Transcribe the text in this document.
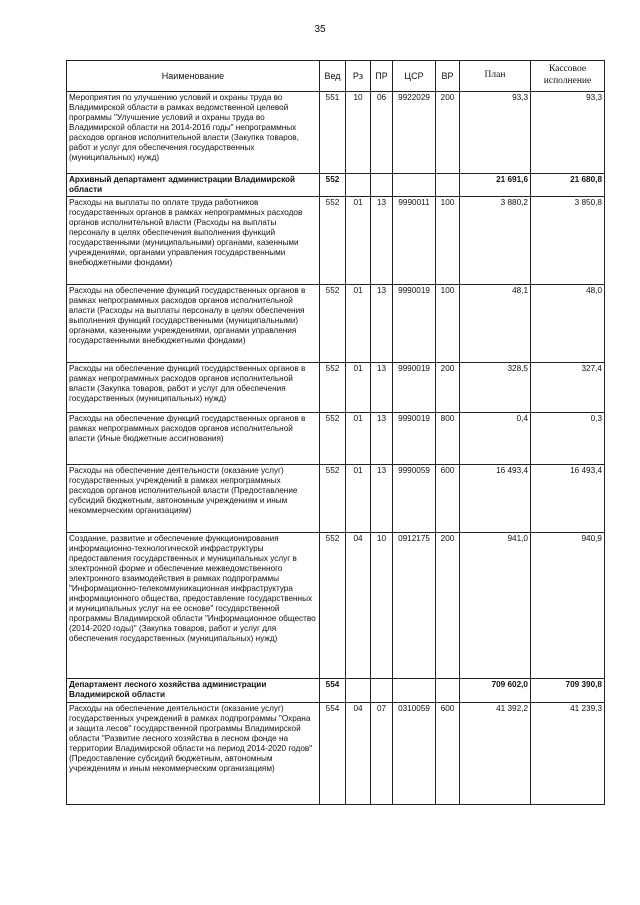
35
Наименование	Вед	Рз	ПР	ЦСР	ВР	План	Кассовое исполнение
Мероприятия по улучшению условий и охраны труда во Владимирской области в рамках ведомственной целевой программы "Улучшение условий и охраны труда во Владимирской области на 2014-2016 годы" непрограммных расходов органов исполнительной власти (Закупка товаров, работ и услуг для обеспечения государственных (муниципальных) нужд)	551	10	06	9922029	200	93,3	93,3
Архивный департамент администрации Владимирской области	552					21 691,6	21 680,8
Расходы на выплаты по оплате труда работников государственных органов в рамках непрограммных расходов органов исполнительной власти (Расходы на выплаты персоналу в целях обеспечения выполнения функций государственными (муниципальными) органами, казенными учреждениями, органами управления государственными внебюджетными фондами)	552	01	13	9990011	100	3 880,2	3 850,8
Расходы на обеспечение функций государственных органов в рамках непрограммных расходов органов исполнительной власти (Расходы на выплаты персоналу в целях обеспечения выполнения функций государственными (муниципальными) органами, казенными учреждениями, органами управления государственными внебюджетными фондами)	552	01	13	9990019	100	48,1	48,0
Расходы на обеспечение функций государственных органов в рамках непрограммных расходов органов исполнительной власти (Закупка товаров, работ и услуг для обеспечения государственных (муниципальных) нужд)	552	01	13	9990019	200	328,5	327,4
Расходы на обеспечение функций государственных органов в рамках непрограммных расходов органов исполнительной власти (Иные бюджетные ассигнования)	552	01	13	9990019	800	0,4	0,3
Расходы на обеспечение деятельности (оказание услуг) государственных учреждений в рамках непрограммных расходов органов исполнительной власти (Предоставление субсидий бюджетным, автономным учреждениям и иным некоммерческим организациям)	552	01	13	9990059	600	16 493,4	16 493,4
Создание, развитие и обеспечение функционирования информационно-технологической инфраструктуры предоставления государственных и муниципальных услуг в электронной форме и обеспечение межведомственного электронного взаимодействия в рамках подпрограммы "Информационно-телекоммуникационная инфраструктура информационного общества, предоставление государственных и муниципальных услуг на ее основе" государственной программы Владимирской области "Информационное общество (2014-2020 годы)" (Закупка товаров, работ и услуг для обеспечения государственных (муниципальных) нужд)	552	04	10	0912175	200	941,0	940,9
Департамент лесного хозяйства администрации Владимирской области	554					709 602,0	709 390,8
Расходы на обеспечение деятельности (оказание услуг) государственных учреждений в рамках подпрограммы "Охрана и защита лесов" государственной программы Владимирской области "Развитие лесного хозяйства в лесном фонде на территории Владимирской области на период 2014-2020 годов" (Предоставление субсидий бюджетным, автономным учреждениям и иным некоммерческим организациям)	554	04	07	0310059	600	41 392,2	41 239,3
